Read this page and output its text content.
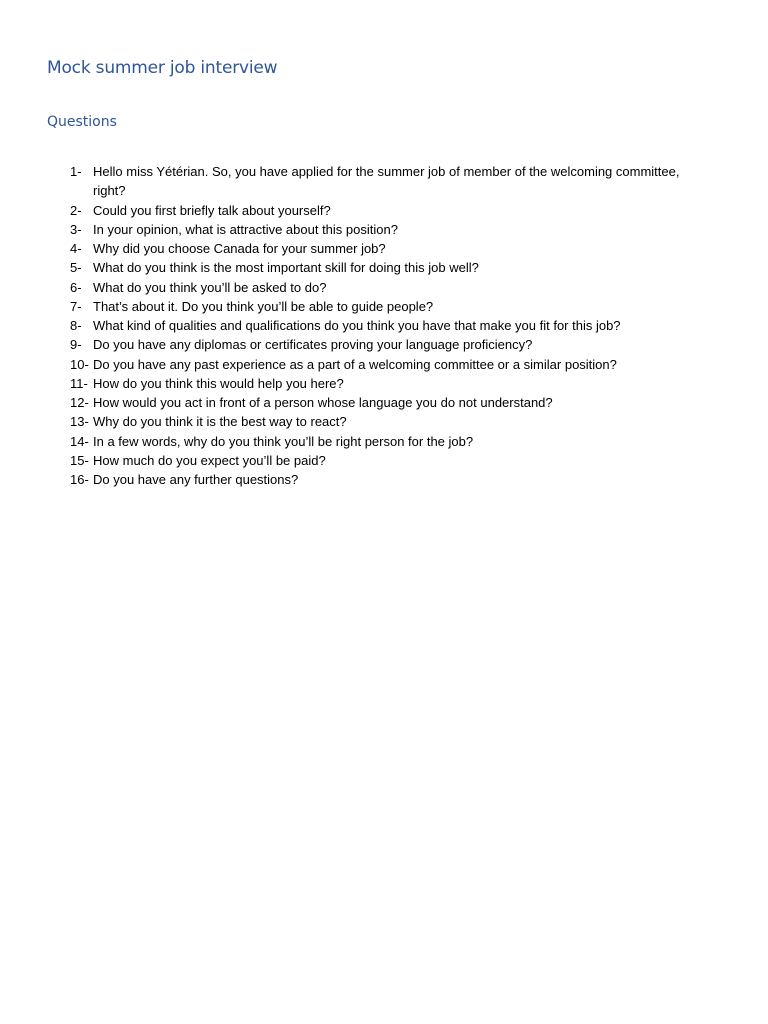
Mock summer job interview
Questions
1- Hello miss Yétérian. So, you have applied for the summer job of member of the welcoming committee, right?
2- Could you first briefly talk about yourself?
3- In your opinion, what is attractive about this position?
4- Why did you choose Canada for your summer job?
5- What do you think is the most important skill for doing this job well?
6- What do you think you’ll be asked to do?
7- That’s about it. Do you think you’ll be able to guide people?
8- What kind of qualities and qualifications do you think you have that make you fit for this job?
9- Do you have any diplomas or certificates proving your language proficiency?
10- Do you have any past experience as a part of a welcoming committee or a similar position?
11- How do you think this would help you here?
12- How would you act in front of a person whose language you do not understand?
13- Why do you think it is the best way to react?
14- In a few words, why do you think you’ll be right person for the job?
15- How much do you expect you’ll be paid?
16- Do you have any further questions?
